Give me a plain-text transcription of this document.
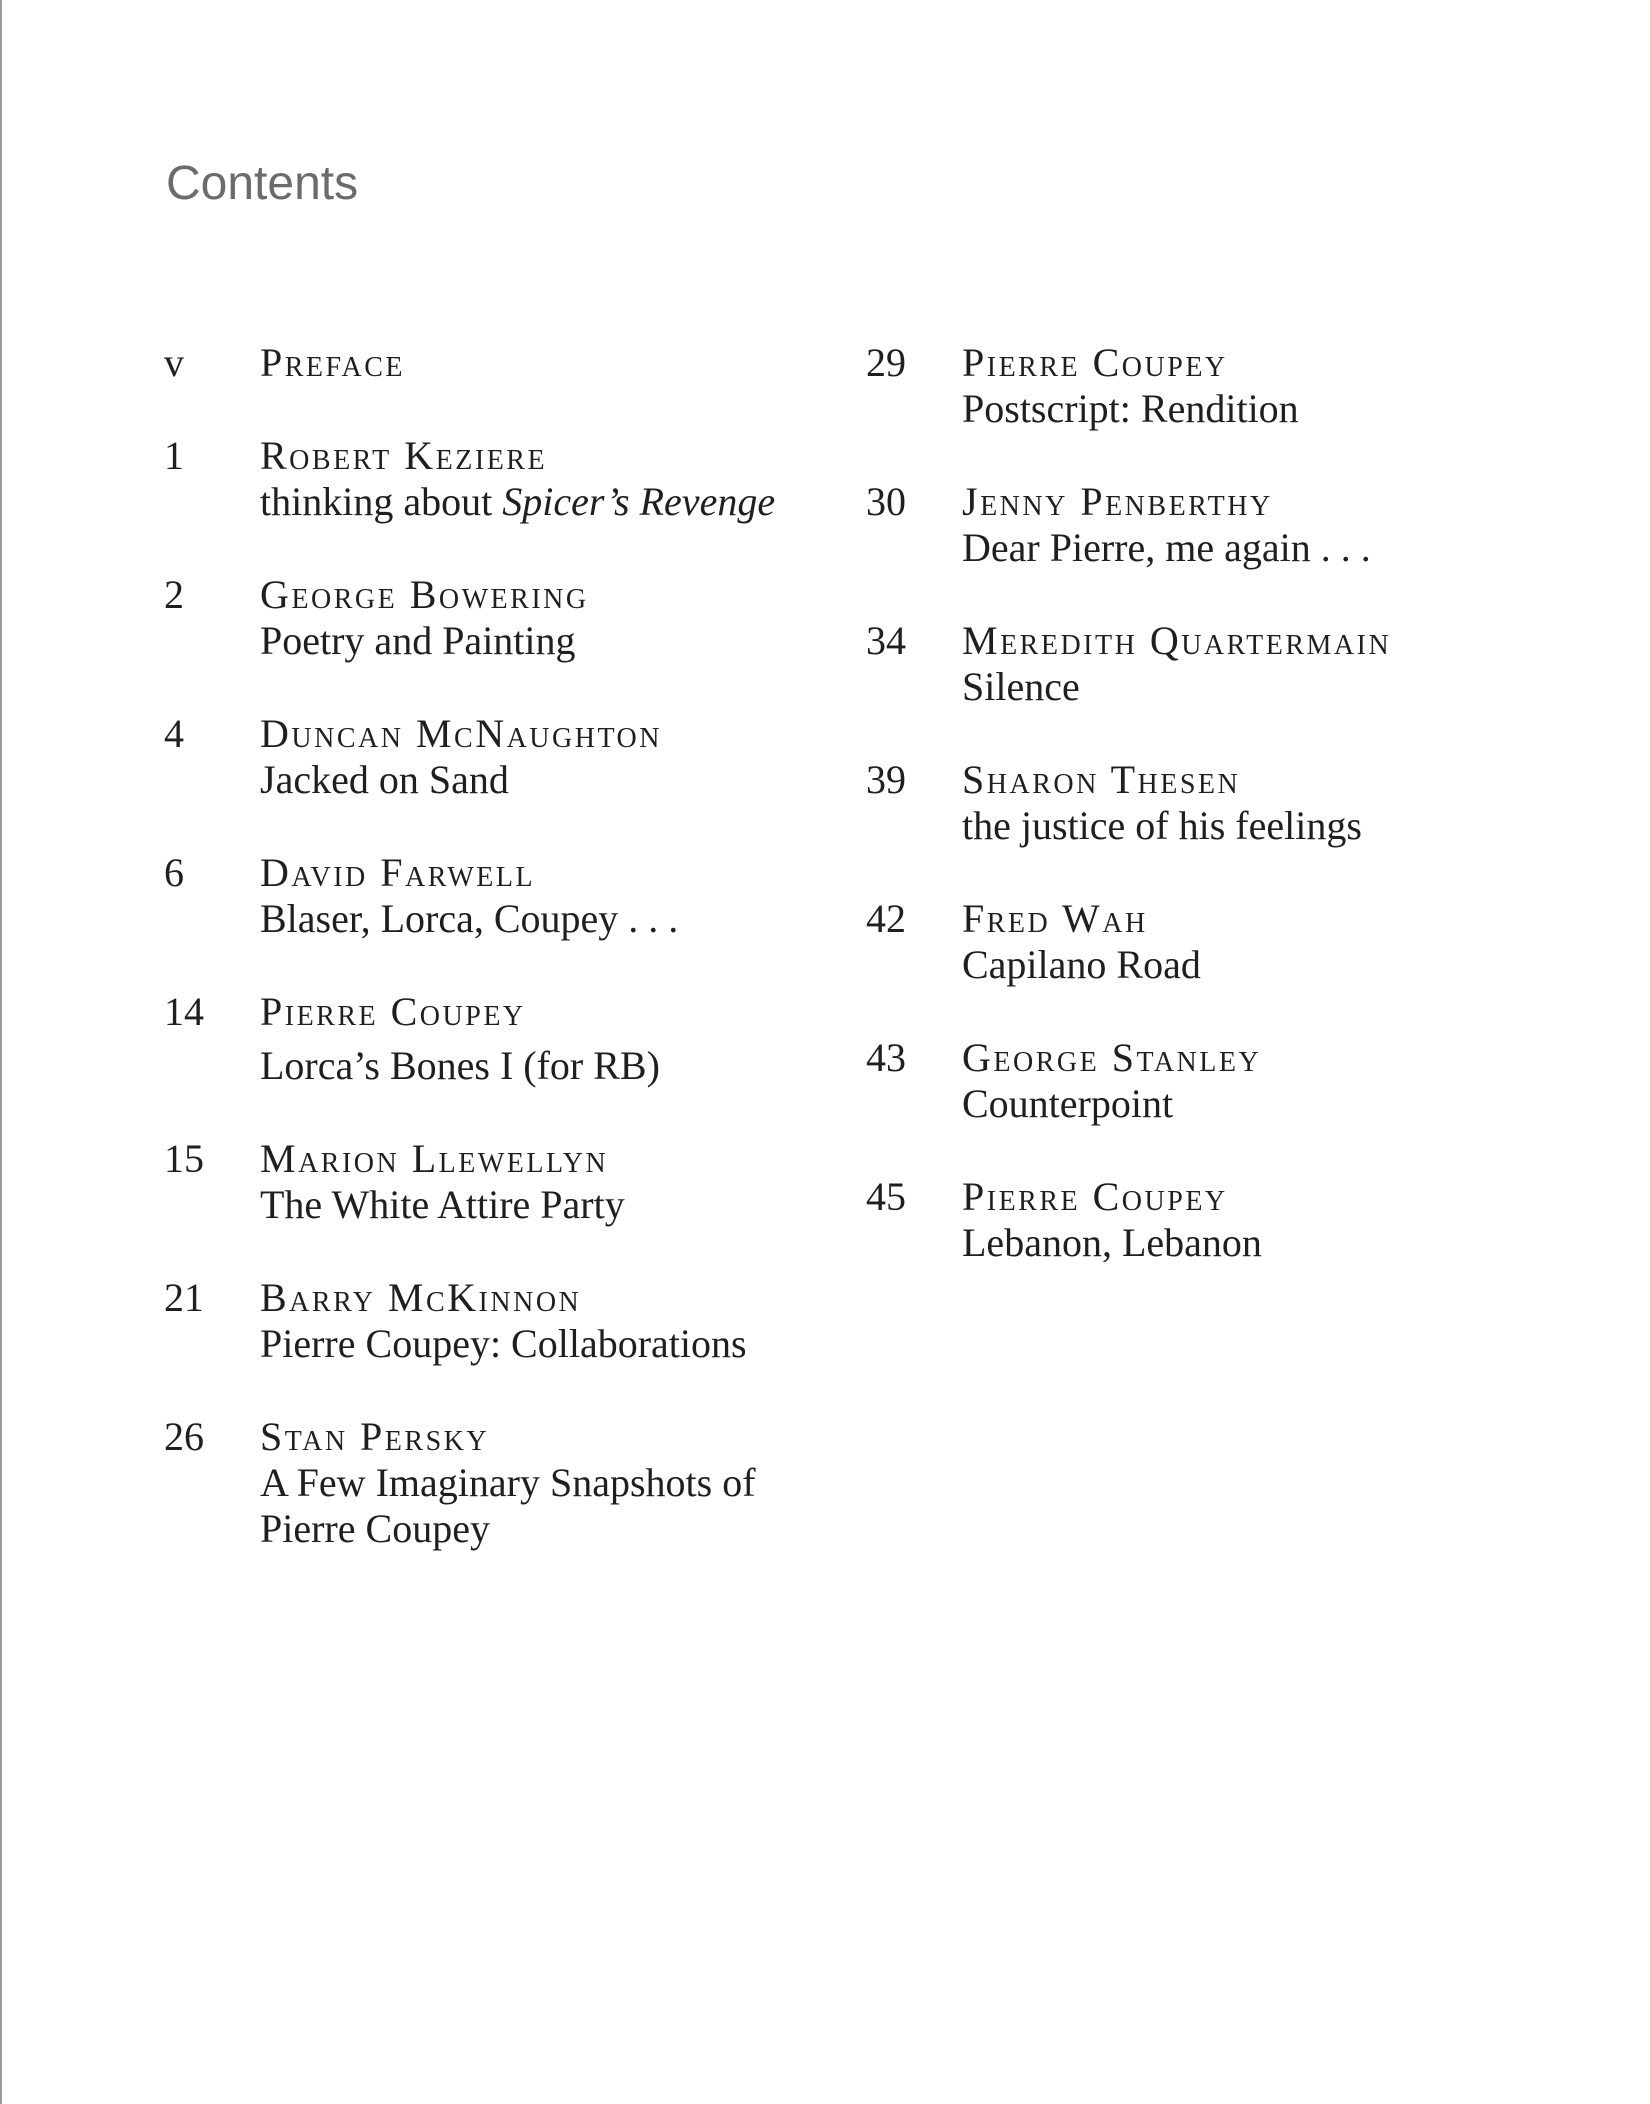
Contents
v	Preface
1	Robert Keziere
thinking about Spicer’s Revenge
2	George Bowering
Poetry and Painting
4	Duncan McNaughton
Jacked on Sand
6	David Farwell
Blaser, Lorca, Coupey . . .
14	Pierre Coupey
Lorca’s Bones I (for RB)
15	Marion Llewellyn
The White Attire Party
21	Barry McKinnon
Pierre Coupey: Collaborations
26	Stan Persky
A Few Imaginary Snapshots of Pierre Coupey
29	Pierre Coupey
Postscript: Rendition
30	Jenny Penberthy
Dear Pierre, me again . . .
34	Meredith Quartermain
Silence
39	Sharon Thesen
the justice of his feelings
42	Fred Wah
Capilano Road
43	George Stanley
Counterpoint
45	Pierre Coupey
Lebanon, Lebanon
